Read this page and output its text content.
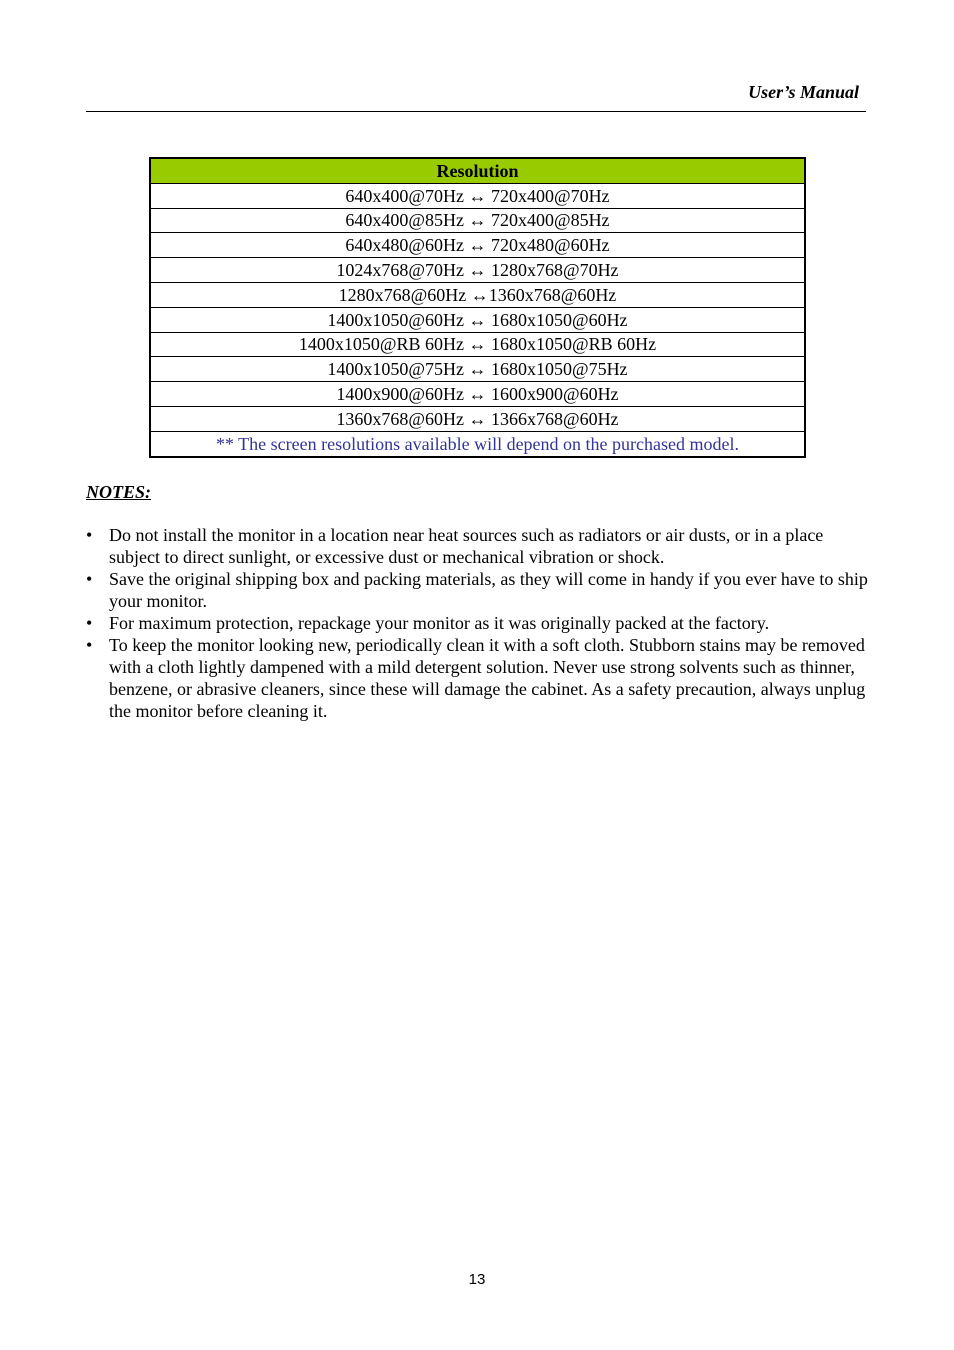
User’s Manual
Resolution
640x400@70Hz ↔ 720x400@70Hz
640x400@85Hz ↔ 720x400@85Hz
640x480@60Hz ↔ 720x480@60Hz
1024x768@70Hz ↔ 1280x768@70Hz
1280x768@60Hz ↔1360x768@60Hz
1400x1050@60Hz ↔ 1680x1050@60Hz
1400x1050@RB 60Hz ↔ 1680x1050@RB 60Hz
1400x1050@75Hz ↔ 1680x1050@75Hz
1400x900@60Hz ↔ 1600x900@60Hz
1360x768@60Hz ↔ 1366x768@60Hz
** The screen resolutions available will depend on the purchased model.
NOTES:
• Do not install the monitor in a location near heat sources such as radiators or air dusts, or in a place subject to direct sunlight, or excessive dust or mechanical vibration or shock.
• Save the original shipping box and packing materials, as they will come in handy if you ever have to ship your monitor.
• For maximum protection, repackage your monitor as it was originally packed at the factory.
• To keep the monitor looking new, periodically clean it with a soft cloth. Stubborn stains may be removed with a cloth lightly dampened with a mild detergent solution. Never use strong solvents such as thinner, benzene, or abrasive cleaners, since these will damage the cabinet. As a safety precaution, always unplug the monitor before cleaning it.
13
